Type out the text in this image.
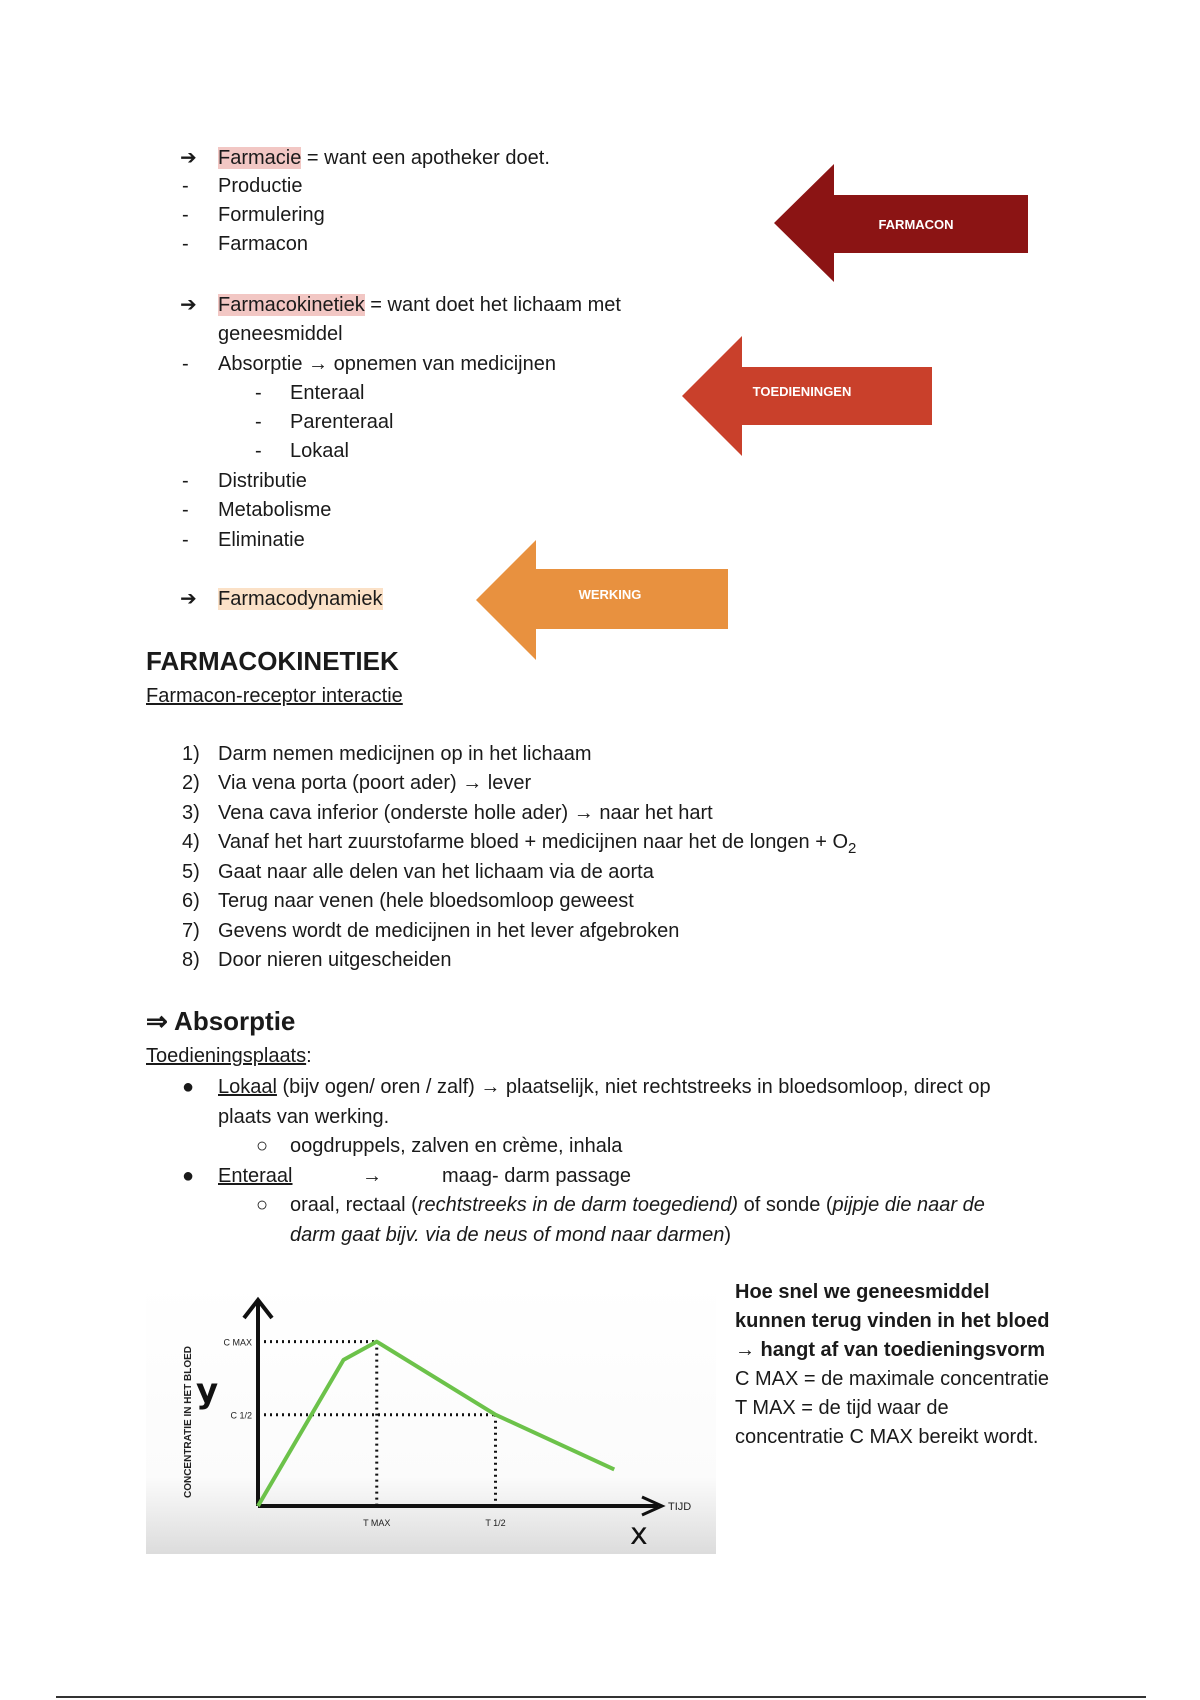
➔ Farmacie = want een apotheker doet.
- Productie
- Formulering
- Farmacon
FARMACON
➔ Farmacokinetiek = want doet het lichaam met
geneesmiddel
- Absorptie → opnemen van medicijnen
- Enteraal
- Parenteraal
- Lokaal
- Distributie
- Metabolisme
- Eliminatie
TOEDIENINGEN
➔ Farmacodynamiek	WERKING
FARMACOKINETIEK
Farmacon-receptor interactie
1) Darm nemen medicijnen op in het lichaam
2) Via vena porta (poort ader) → lever
3) Vena cava inferior (onderste holle ader) → naar het hart
4) Vanaf het hart zuurstofarme bloed + medicijnen naar het de longen + $O_2$
5) Gaat naar alle delen van het lichaam via de aorta
6) Terug naar venen (hele bloedsomloop geweest
7) Gevens wordt de medicijnen in het lever afgebroken
8) Door nieren uitgescheiden
⇒ Absorptie
Toedieningsplaats:
● Lokaal (bijv ogen/ oren / zalf) → plaatselijk, niet rechtstreeks in bloedsomloop, direct op
plaats van werking.
○ oogdruppels, zalven en crème, inhala
● Enteraal	→	maag- darm passage
○ oraal, rectaal (rechtstreeks in de darm toegediend) of sonde (pijpje die naar de
darm gaat bijv. via de neus of mond naar darmen)
CONCENTRATIE IN HET BLOED y
x
TIJD
C MAX
C 1/2
T MAX	T 1/2
Hoe snel we geneesmiddel
kunnen terug vinden in het bloed
→ hangt af van toedieningsvorm
C MAX = de maximale concentratie
T MAX = de tijd waar de
concentratie C MAX bereikt wordt.
